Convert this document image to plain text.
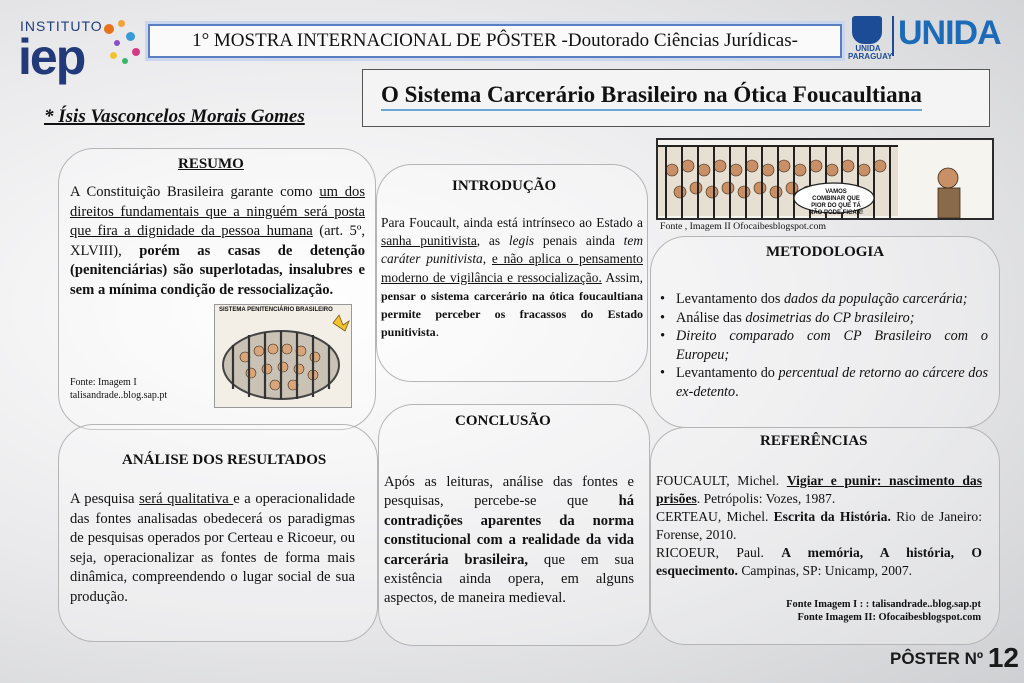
INSTITUTO
iep	1° MOSTRA INTERNACIONAL DE PÔSTER -Doutorado Ciências Jurídicas-	UNIDA
PARAGUAY
UNIDA
* Ísis Vasconcelos Morais Gomes
O Sistema Carcerário Brasileiro na Ótica Foucaultiana
RESUMO
A Constituição Brasileira garante como um dos direitos fundamentais que a ninguém será posta que fira a dignidade da pessoa humana (art. 5º, XLVIII), porém as casas de detenção (penitenciárias) são superlotadas, insalubres e sem a mínima condição de ressocialização.
Fonte: Imagem I
talisandrade..blog.sap.pt
SISTEMA PENITENCIÁRIO BRASILEIRO
INTRODUÇÃO
Para Foucault, ainda está intrínseco ao Estado a sanha punitivista, as legis penais ainda tem caráter punitivista, e não aplica o pensamento moderno de vigilância e ressocialização. Assim, pensar o sistema carcerário na ótica foucaultiana permite perceber os fracassos do Estado punitivista.
VAMOS COMBINAR QUE PIOR DO QUE TÁ NÃO PODE FICAR!
Fonte , Imagem II Ofocaibesblogspot.com
METODOLOGIA
• Levantamento dos dados da população carcerária;
• Análise das dosimetrias do CP brasileiro;
• Direito comparado com CP Brasileiro com o Europeu;
• Levantamento do percentual de retorno ao cárcere dos ex-detento.
ANÁLISE DOS RESULTADOS
A pesquisa será qualitativa e a operacionalidade das fontes analisadas obedecerá os paradigmas de pesquisas operados por Certeau e Ricoeur, ou seja, operacionalizar as fontes de forma mais dinâmica, compreendendo o lugar social de sua produção.
CONCLUSÃO
Após as leituras, análise das fontes e pesquisas, percebe-se que há contradições aparentes da norma constitucional com a realidade da vida carcerária brasileira, que em sua existência ainda opera, em alguns aspectos, de maneira medieval.
REFERÊNCIAS
FOUCAULT, Michel. Vigiar e punir: nascimento das prisões. Petrópolis: Vozes, 1987.
CERTEAU, Michel. Escrita da História. Rio de Janeiro: Forense, 2010.
RICOEUR, Paul. A memória, A história, O esquecimento. Campinas, SP: Unicamp, 2007.
Fonte Imagem I : : talisandrade..blog.sap.pt
Fonte Imagem II: Ofocaibesblogspot.com
PÔSTER Nº 12
